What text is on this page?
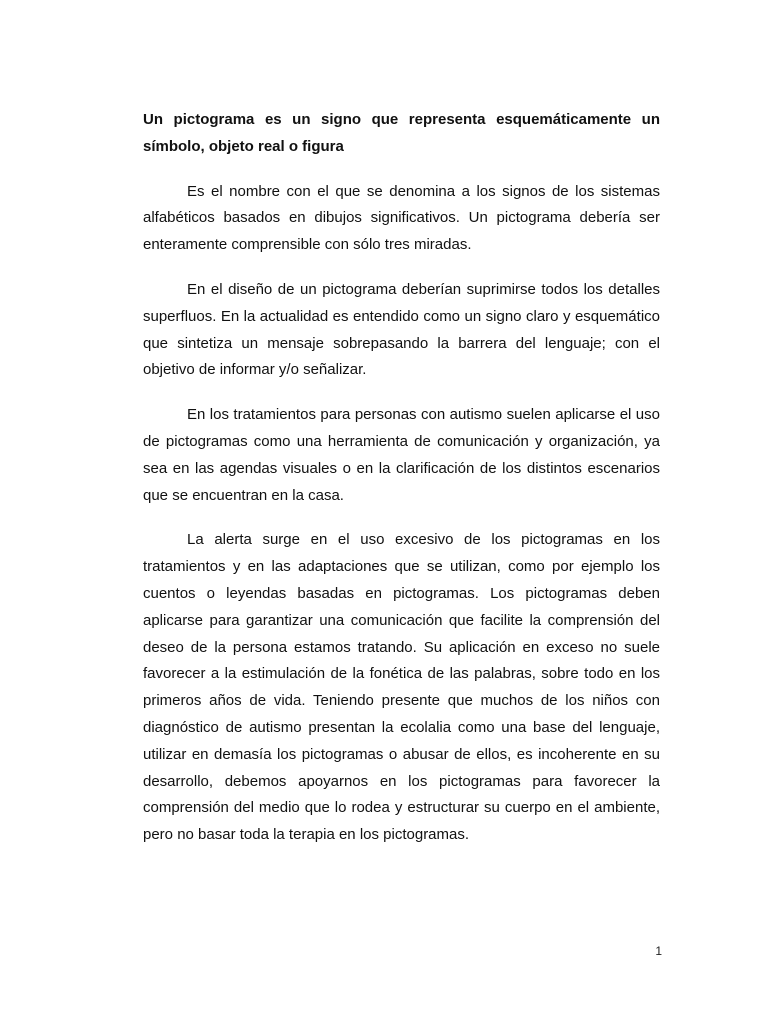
Un pictograma es un signo que representa esquemáticamente un símbolo, objeto real o figura

Es el nombre con el que se denomina a los signos de los sistemas alfabéticos basados en dibujos significativos. Un pictograma debería ser enteramente comprensible con sólo tres miradas.

En el diseño de un pictograma deberían suprimirse todos los detalles superfluos. En la actualidad es entendido como un signo claro y esquemático que sintetiza un mensaje sobrepasando la barrera del lenguaje; con el objetivo de informar y/o señalizar.

En los tratamientos para personas con autismo suelen aplicarse el uso de pictogramas como una herramienta de comunicación y organización, ya sea en las agendas visuales o en la clarificación de los distintos escenarios que se encuentran en la casa.

La alerta surge en el uso excesivo de los pictogramas en los tratamientos y en las adaptaciones que se utilizan, como por ejemplo los cuentos o leyendas basadas en pictogramas. Los pictogramas deben aplicarse para garantizar una comunicación que facilite la comprensión del deseo de la persona estamos tratando. Su aplicación en exceso no suele favorecer a la estimulación de la fonética de las palabras, sobre todo en los primeros años de vida. Teniendo presente que muchos de los niños con diagnóstico de autismo presentan la ecolalia como una base del lenguaje, utilizar en demasía los pictogramas o abusar de ellos, es incoherente en su desarrollo, debemos apoyarnos en los pictogramas para favorecer la comprensión del medio que lo rodea y estructurar su cuerpo en el ambiente, pero no basar toda la terapia en los pictogramas.

1
